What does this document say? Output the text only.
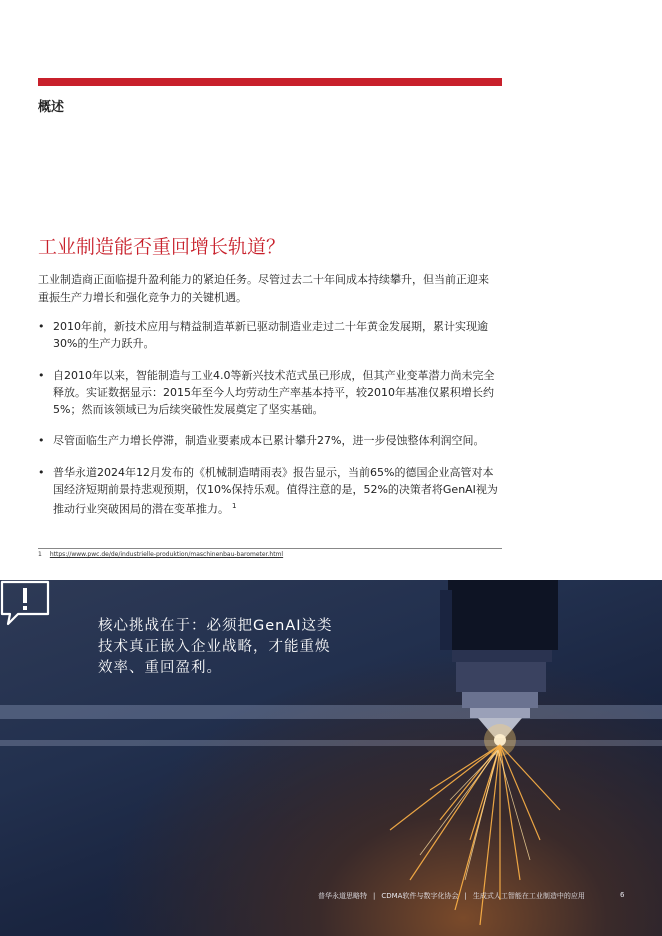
概述
工业制造能否重回增长轨道？

工业制造商正面临提升盈利能力的紧迫任务。尽管过去二十年间成本持续攀升，但当前正迎来重振生产力增长和强化竞争力的关键机遇。

• 2010年前，新技术应用与精益制造革新已驱动制造业走过二十年黄金发展期，累计实现逾30%的生产力跃升。
• 自2010年以来，智能制造与工业4.0等新兴技术范式虽已形成，但其产业变革潜力尚未完全释放。实证数据显示：2015年至今人均劳动生产率基本持平，较2010年基准仅累积增长约5%；然而该领域已为后续突破性发展奠定了坚实基础。
• 尽管面临生产力增长停滞，制造业要素成本已累计攀升27%，进一步侵蚀整体利润空间。
• 普华永道2024年12月发布的《机械制造晴雨表》报告显示，当前65%的德国企业高管对本国经济短期前景持悲观预期，仅10%保持乐观。值得注意的是，52%的决策者将GenAI视为推动行业突破困局的潜在变革推力。 $^1$
1 https://www.pwc.de/de/industrielle-produktion/maschinenbau-barometer.html
核心挑战在于：必须把GenAI这类技术真正嵌入企业战略，才能重焕效率、重回盈利。
普华永道思略特 | CDMA软件与数字化协会 | 生成式人工智能在工业制造中的应用	6
